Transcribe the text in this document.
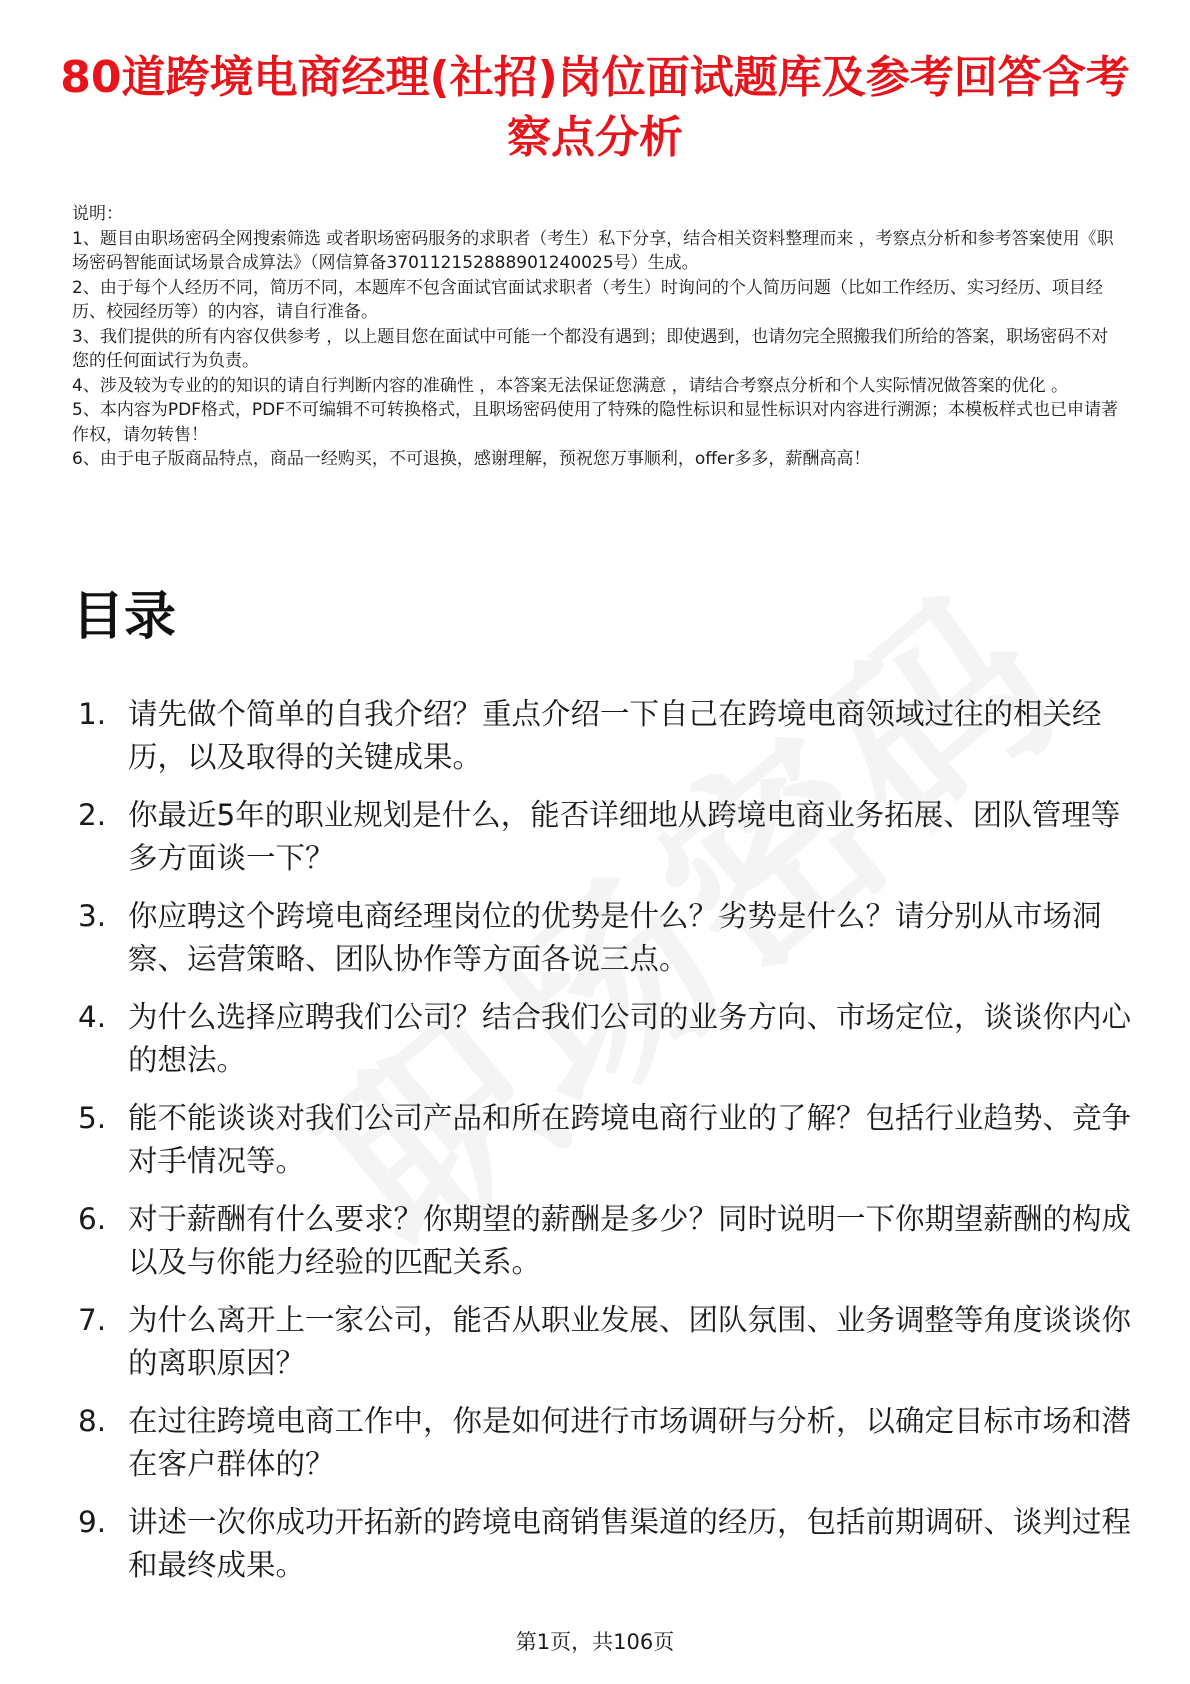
80道跨境电商经理(社招)岗位面试题库及参考回答含考察点分析

说明：

1、题目由职场密码全网搜索筛选 或者职场密码服务的求职者（考生）私下分享，结合相关资料整理而来 ，考察点分析和参考答案使用《职场密码智能面试场景合成算法》（网信算备370112152888901240025号）生成。

2、由于每个人经历不同，简历不同，本题库不包含面试官面试求职者（考生）时询问的个人简历问题（比如工作经历、实习经历、项目经历、校园经历等）的内容，请自行准备。

3、我们提供的所有内容仅供参考 ，以上题目您在面试中可能一个都没有遇到；即使遇到，也请勿完全照搬我们所给的答案，职场密码不对您的任何面试行为负责。

4、涉及较为专业的的知识的请自行判断内容的准确性 ，本答案无法保证您满意 ，请结合考察点分析和个人实际情况做答案的优化 。

5、本内容为PDF格式，PDF不可编辑不可转换格式，且职场密码使用了特殊的隐性标识和显性标识对内容进行溯源；本模板样式也已申请著作权，请勿转售！

6、由于电子版商品特点，商品一经购买，不可退换，感谢理解，预祝您万事顺利，offer多多，薪酬高高！

目录
1. 请先做个简单的自我介绍？重点介绍一下自己在跨境电商领域过往的相关经历，以及取得的关键成果。
2. 你最近5年的职业规划是什么，能否详细地从跨境电商业务拓展、团队管理等多方面谈一下？
3. 你应聘这个跨境电商经理岗位的优势是什么？劣势是什么？请分别从市场洞察、运营策略、团队协作等方面各说三点。
4. 为什么选择应聘我们公司？结合我们公司的业务方向、市场定位，谈谈你内心的想法。
5. 能不能谈谈对我们公司产品和所在跨境电商行业的了解？包括行业趋势、竞争对手情况等。
6. 对于薪酬有什么要求？你期望的薪酬是多少？同时说明一下你期望薪酬的构成以及与你能力经验的匹配关系。
7. 为什么离开上一家公司，能否从职业发展、团队氛围、业务调整等角度谈谈你的离职原因？
8. 在过往跨境电商工作中，你是如何进行市场调研与分析，以确定目标市场和潜在客户群体的？
9. 讲述一次你成功开拓新的跨境电商销售渠道的经历，包括前期调研、谈判过程和最终成果。
第1页，共106页
